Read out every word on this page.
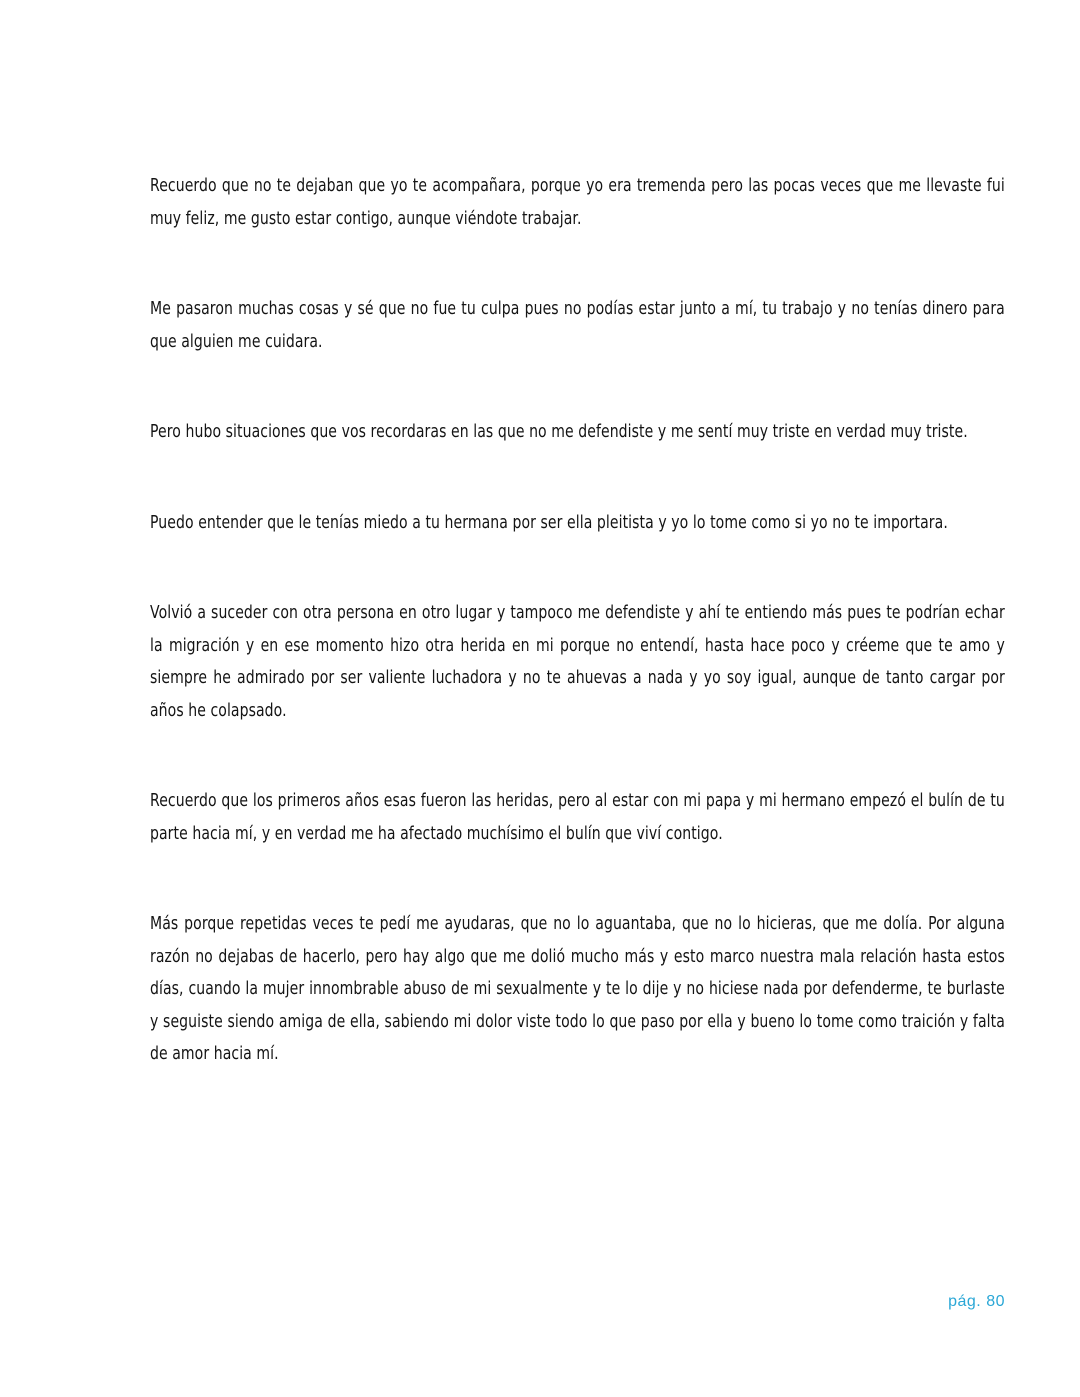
Recuerdo que no te dejaban que yo te acompañara, porque yo era tremenda pero las pocas veces que me llevaste fui muy feliz, me gusto estar contigo, aunque viéndote trabajar.

Me pasaron muchas cosas y sé que no fue tu culpa pues no podías estar junto a mí, tu trabajo y no tenías dinero para que alguien me cuidara.

Pero hubo situaciones que vos recordaras en las que no me defendiste y me sentí muy triste en verdad muy triste.

Puedo entender que le tenías miedo a tu hermana por ser ella pleitista y yo lo tome como si yo no te importara.

Volvió a suceder con otra persona en otro lugar y tampoco me defendiste y ahí te entiendo más pues te podrían echar la migración y en ese momento hizo otra herida en mi porque no entendí, hasta hace poco y créeme que te amo y siempre he admirado por ser valiente luchadora y no te ahuevas a nada y yo soy igual, aunque de tanto cargar por años he colapsado.

Recuerdo que los primeros años esas fueron las heridas, pero al estar con mi papa y mi hermano empezó el bulín de tu parte hacia mí, y en verdad me ha afectado muchísimo el bulín que viví contigo.

Más porque repetidas veces te pedí me ayudaras, que no lo aguantaba, que no lo hicieras, que me dolía. Por alguna razón no dejabas de hacerlo, pero hay algo que me dolió mucho más y esto marco nuestra mala relación hasta estos días, cuando la mujer innombrable abuso de mi sexualmente y te lo dije y no hiciese nada por defenderme, te burlaste y seguiste siendo amiga de ella, sabiendo mi dolor viste todo lo que paso por ella y bueno lo tome como traición y falta de amor hacia mí.

pág. 80
